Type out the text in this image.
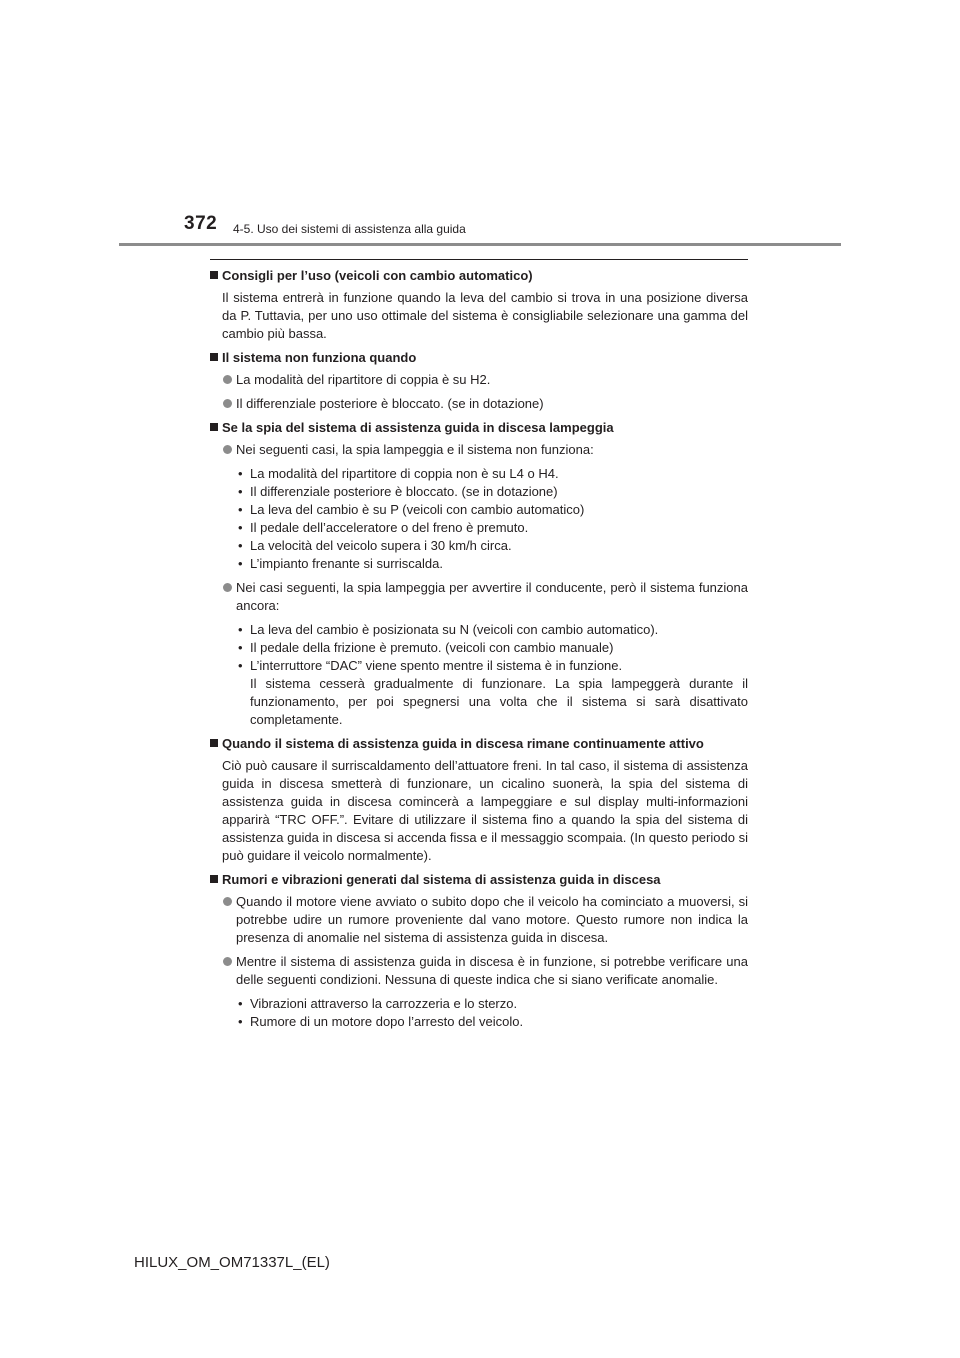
372 4-5. Uso dei sistemi di assistenza alla guida
Consigli per l’uso (veicoli con cambio automatico)
Il sistema entrerà in funzione quando la leva del cambio si trova in una posizione diversa da P. Tuttavia, per uno uso ottimale del sistema è consigliabile selezionare una gamma del cambio più bassa.
Il sistema non funziona quando
La modalità del ripartitore di coppia è su H2.
Il differenziale posteriore è bloccato. (se in dotazione)
Se la spia del sistema di assistenza guida in discesa lampeggia
Nei seguenti casi, la spia lampeggia e il sistema non funziona:
• La modalità del ripartitore di coppia non è su L4 o H4.
• Il differenziale posteriore è bloccato. (se in dotazione)
• La leva del cambio è su P (veicoli con cambio automatico)
• Il pedale dell’acceleratore o del freno è premuto.
• La velocità del veicolo supera i 30 km/h circa.
• L’impianto frenante si surriscalda.
Nei casi seguenti, la spia lampeggia per avvertire il conducente, però il sistema funziona ancora:
• La leva del cambio è posizionata su N (veicoli con cambio automatico).
• Il pedale della frizione è premuto. (veicoli con cambio manuale)
• L’interruttore “DAC” viene spento mentre il sistema è in funzione.
Il sistema cesserà gradualmente di funzionare. La spia lampeggerà durante il funzionamento, per poi spegnersi una volta che il sistema si sarà disattivato completamente.
Quando il sistema di assistenza guida in discesa rimane continuamente attivo
Ciò può causare il surriscaldamento dell’attuatore freni. In tal caso, il sistema di assistenza guida in discesa smetterà di funzionare, un cicalino suonerà, la spia del sistema di assistenza guida in discesa comincerà a lampeggiare e sul display multi-informazioni apparirà “TRC OFF.”. Evitare di utilizzare il sistema fino a quando la spia del sistema di assistenza guida in discesa si accenda fissa e il messaggio scompaia. (In questo periodo si può guidare il veicolo normalmente).
Rumori e vibrazioni generati dal sistema di assistenza guida in discesa
Quando il motore viene avviato o subito dopo che il veicolo ha cominciato a muoversi, si potrebbe udire un rumore proveniente dal vano motore. Questo rumore non indica la presenza di anomalie nel sistema di assistenza guida in discesa.
Mentre il sistema di assistenza guida in discesa è in funzione, si potrebbe verificare una delle seguenti condizioni. Nessuna di queste indica che si siano verificate anomalie.
• Vibrazioni attraverso la carrozzeria e lo sterzo.
• Rumore di un motore dopo l’arresto del veicolo.
HILUX_OM_OM71337L_(EL)
